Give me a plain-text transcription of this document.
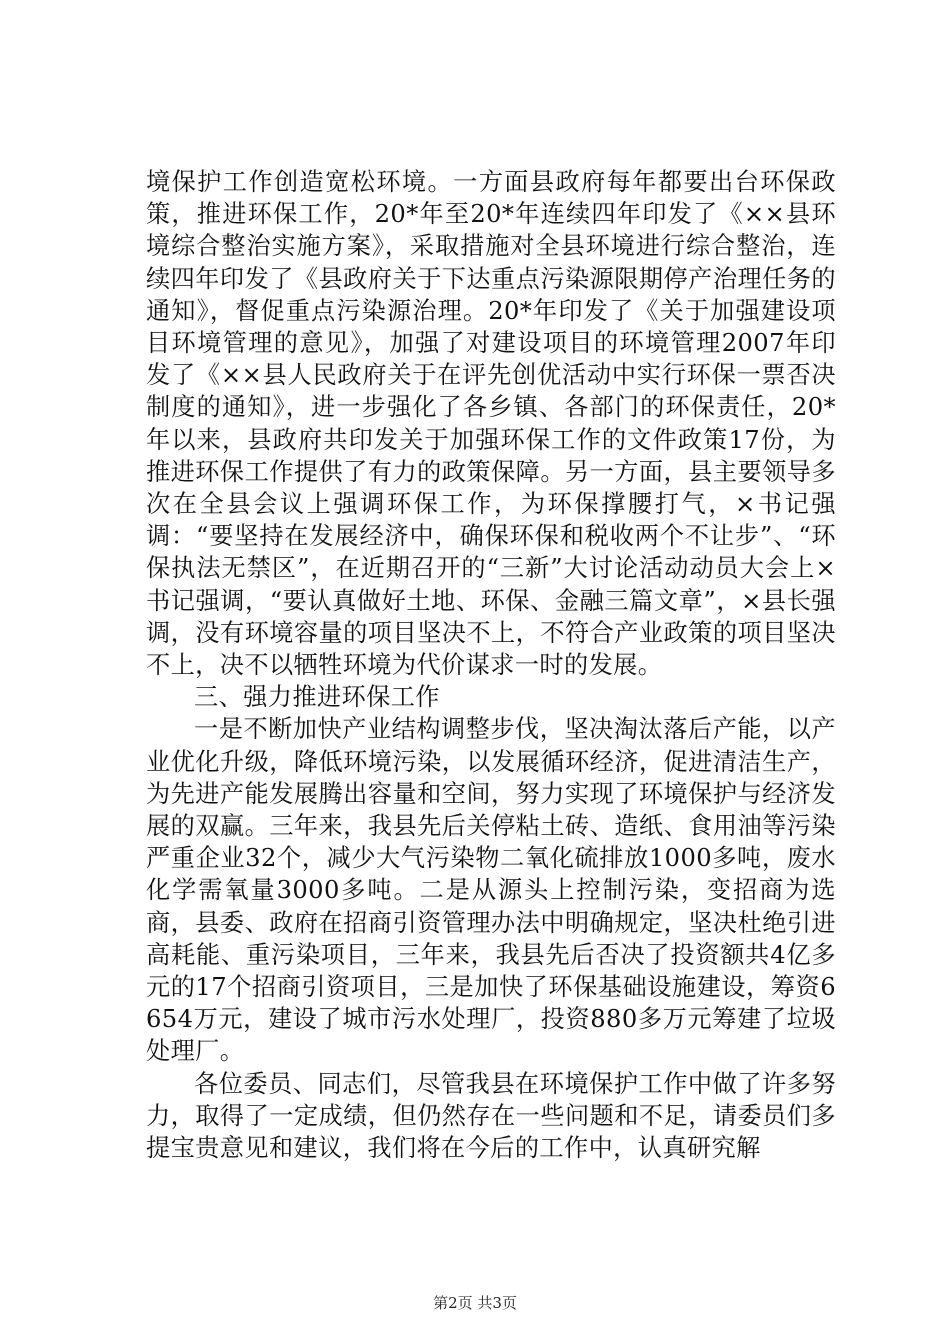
境保护工作创造宽松环境。一方面县政府每年都要出台环保政策，推进环保工作，20*年至20*年连续四年印发了《××县环境综合整治实施方案》，采取措施对全县环境进行综合整治，连续四年印发了《县政府关于下达重点污染源限期停产治理任务的通知》，督促重点污染源治理。20*年印发了《关于加强建设项目环境管理的意见》，加强了对建设项目的环境管理2007年印发了《××县人民政府关于在评先创优活动中实行环保一票否决制度的通知》，进一步强化了各乡镇、各部门的环保责任，20*年以来，县政府共印发关于加强环保工作的文件政策17份，为推进环保工作提供了有力的政策保障。另一方面，县主要领导多次在全县会议上强调环保工作，为环保撑腰打气，×书记强调：“要坚持在发展经济中，确保环保和税收两个不让步”、“环保执法无禁区”，在近期召开的“三新”大讨论活动动员大会上×书记强调，“要认真做好土地、环保、金融三篇文章”，×县长强调，没有环境容量的项目坚决不上，不符合产业政策的项目坚决不上，决不以牺牲环境为代价谋求一时的发展。

三、强力推进环保工作

一是不断加快产业结构调整步伐，坚决淘汰落后产能，以产业优化升级，降低环境污染，以发展循环经济，促进清洁生产，为先进产能发展腾出容量和空间，努力实现了环境保护与经济发展的双赢。三年来，我县先后关停粘土砖、造纸、食用油等污染严重企业32个，减少大气污染物二氧化硫排放1000多吨，废水化学需氧量3000多吨。二是从源头上控制污染，变招商为选商，县委、政府在招商引资管理办法中明确规定，坚决杜绝引进高耗能、重污染项目，三年来，我县先后否决了投资额共4亿多元的17个招商引资项目，三是加快了环保基础设施建设，筹资6654万元，建设了城市污水处理厂，投资880多万元筹建了垃圾处理厂。

各位委员、同志们，尽管我县在环境保护工作中做了许多努力，取得了一定成绩，但仍然存在一些问题和不足，请委员们多提宝贵意见和建议，我们将在今后的工作中，认真研究解

第2页 共3页
